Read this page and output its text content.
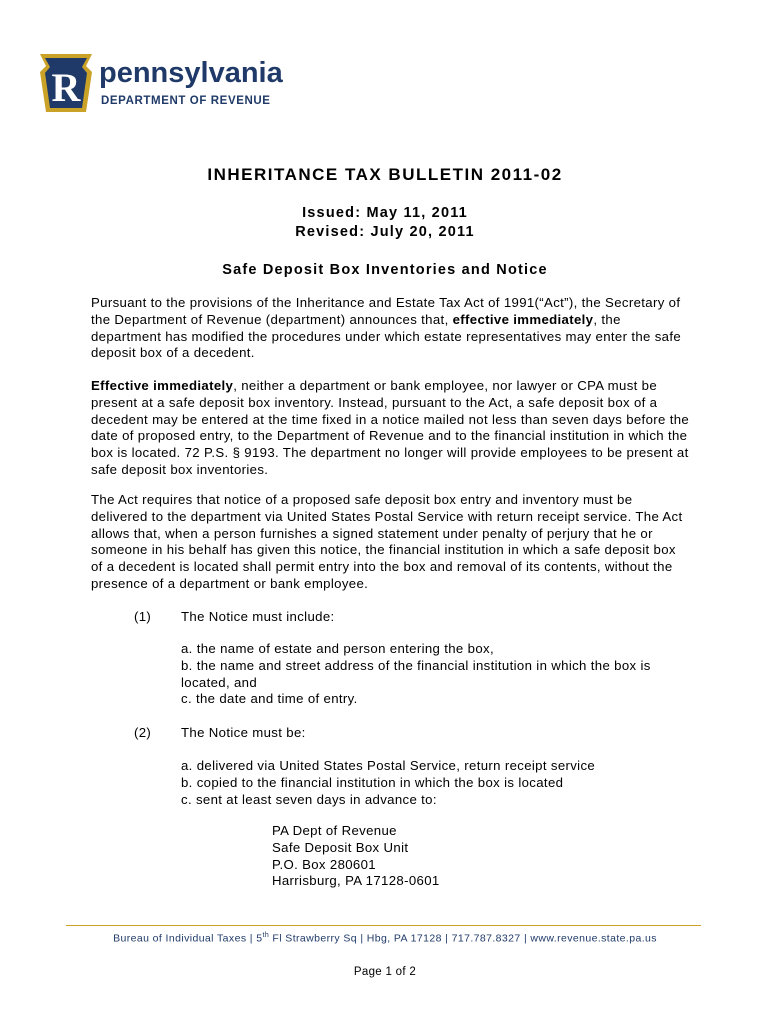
R pennsylvania
DEPARTMENT OF REVENUE
INHERITANCE TAX BULLETIN 2011-02
Issued: May 11, 2011
Revised: July 20, 2011
Safe Deposit Box Inventories and Notice

Pursuant to the provisions of the Inheritance and Estate Tax Act of 1991(“Act”), the Secretary of the Department of Revenue (department) announces that, effective immediately, the department has modified the procedures under which estate representatives may enter the safe deposit box of a decedent.

Effective immediately, neither a department or bank employee, nor lawyer or CPA must be present at a safe deposit box inventory. Instead, pursuant to the Act, a safe deposit box of a decedent may be entered at the time fixed in a notice mailed not less than seven days before the date of proposed entry, to the Department of Revenue and to the financial institution in which the box is located. 72 P.S. § 9193. The department no longer will provide employees to be present at safe deposit box inventories.

The Act requires that notice of a proposed safe deposit box entry and inventory must be delivered to the department via United States Postal Service with return receipt service. The Act allows that, when a person furnishes a signed statement under penalty of perjury that he or someone in his behalf has given this notice, the financial institution in which a safe deposit box of a decedent is located shall permit entry into the box and removal of its contents, without the presence of a department or bank employee.

(1) The Notice must include:
a. the name of estate and person entering the box,
b. the name and street address of the financial institution in which the box is located, and
c. the date and time of entry.
(2) The Notice must be:
a. delivered via United States Postal Service, return receipt service
b. copied to the financial institution in which the box is located
c. sent at least seven days in advance to:
PA Dept of Revenue
Safe Deposit Box Unit
P.O. Box 280601
Harrisburg, PA 17128-0601
Bureau of Individual Taxes | 5th Fl Strawberry Sq | Hbg, PA 17128 | 717.787.8327 | www.revenue.state.pa.us
Page 1 of 2
